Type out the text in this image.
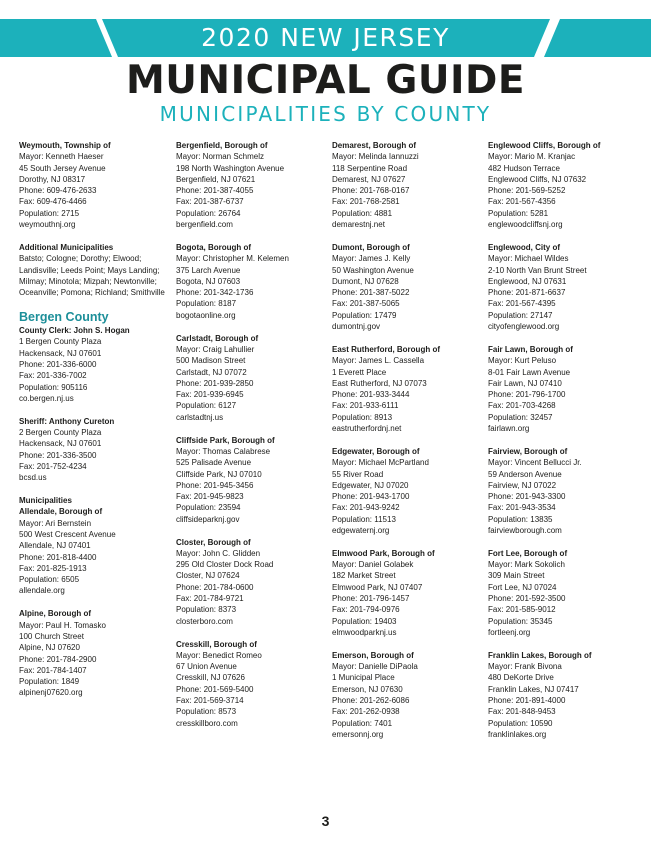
2020 NEW JERSEY
MUNICIPAL GUIDE
MUNICIPALITIES BY COUNTY
Weymouth, Township of
Mayor: Kenneth Haeser
45 South Jersey Avenue
Dorothy, NJ 08317
Phone: 609-476-2633
Fax: 609-476-4466
Population: 2715
weymouthnj.org
Additional Municipalities
Batsto; Cologne; Dorothy; Elwood; Landisville; Leeds Point; Mays Landing; Milmay; Minotola; Mizpah; Newtonville; Oceanville; Pomona; Richland; Smithville
Bergen County
County Clerk: John S. Hogan
1 Bergen County Plaza
Hackensack, NJ 07601
Phone: 201-336-6000
Fax: 201-336-7002
Population: 905116
co.bergen.nj.us
Sheriff: Anthony Cureton
2 Bergen County Plaza
Hackensack, NJ 07601
Phone: 201-336-3500
Fax: 201-752-4234
bcsd.us
Municipalities
Allendale, Borough of
Mayor: Ari Bernstein
500 West Crescent Avenue
Allendale, NJ 07401
Phone: 201-818-4400
Fax: 201-825-1913
Population: 6505
allendale.org
Alpine, Borough of
Mayor: Paul H. Tomasko
100 Church Street
Alpine, NJ 07620
Phone: 201-784-2900
Fax: 201-784-1407
Population: 1849
alpinenj07620.org
Bergenfield, Borough of
Mayor: Norman Schmelz
198 North Washington Avenue
Bergenfield, NJ 07621
Phone: 201-387-4055
Fax: 201-387-6737
Population: 26764
bergenfield.com
Bogota, Borough of
Mayor: Christopher M. Kelemen
375 Larch Avenue
Bogota, NJ 07603
Phone: 201-342-1736
Population: 8187
bogotaonline.org
Carlstadt, Borough of
Mayor: Craig Lahullier
500 Madison Street
Carlstadt, NJ 07072
Phone: 201-939-2850
Fax: 201-939-6945
Population: 6127
carlstadtnj.us
Cliffside Park, Borough of
Mayor: Thomas Calabrese
525 Palisade Avenue
Cliffside Park, NJ 07010
Phone: 201-945-3456
Fax: 201-945-9823
Population: 23594
cliffsideparknj.gov
Closter, Borough of
Mayor: John C. Glidden
295 Old Closter Dock Road
Closter, NJ 07624
Phone: 201-784-0600
Fax: 201-784-9721
Population: 8373
closterboro.com
Cresskill, Borough of
Mayor: Benedict Romeo
67 Union Avenue
Cresskill, NJ 07626
Phone: 201-569-5400
Fax: 201-569-3714
Population: 8573
cresskillboro.com
Demarest, Borough of
Mayor: Melinda Iannuzzi
118 Serpentine Road
Demarest, NJ 07627
Phone: 201-768-0167
Fax: 201-768-2581
Population: 4881
demarestnj.net
Dumont, Borough of
Mayor: James J. Kelly
50 Washington Avenue
Dumont, NJ 07628
Phone: 201-387-5022
Fax: 201-387-5065
Population: 17479
dumontnj.gov
East Rutherford, Borough of
Mayor: James L. Cassella
1 Everett Place
East Rutherford, NJ 07073
Phone: 201-933-3444
Fax: 201-933-6111
Population: 8913
eastrutherfordnj.net
Edgewater, Borough of
Mayor: Michael McPartland
55 River Road
Edgewater, NJ 07020
Phone: 201-943-1700
Fax: 201-943-9242
Population: 11513
edgewaternj.org
Elmwood Park, Borough of
Mayor: Daniel Golabek
182 Market Street
Elmwood Park, NJ 07407
Phone: 201-796-1457
Fax: 201-794-0976
Population: 19403
elmwoodparknj.us
Emerson, Borough of
Mayor: Danielle DiPaola
1 Municipal Place
Emerson, NJ 07630
Phone: 201-262-6086
Fax: 201-262-0938
Population: 7401
emersonnj.org
Englewood Cliffs, Borough of
Mayor: Mario M. Kranjac
482 Hudson Terrace
Englewood Cliffs, NJ 07632
Phone: 201-569-5252
Fax: 201-567-4356
Population: 5281
englewoodcliffsnj.org
Englewood, City of
Mayor: Michael Wildes
2-10 North Van Brunt Street
Englewood, NJ 07631
Phone: 201-871-6637
Fax: 201-567-4395
Population: 27147
cityofenglewood.org
Fair Lawn, Borough of
Mayor: Kurt Peluso
8-01 Fair Lawn Avenue
Fair Lawn, NJ 07410
Phone: 201-796-1700
Fax: 201-703-4268
Population: 32457
fairlawn.org
Fairview, Borough of
Mayor: Vincent Bellucci Jr.
59 Anderson Avenue
Fairview, NJ 07022
Phone: 201-943-3300
Fax: 201-943-3534
Population: 13835
fairviewborough.com
Fort Lee, Borough of
Mayor: Mark Sokolich
309 Main Street
Fort Lee, NJ 07024
Phone: 201-592-3500
Fax: 201-585-9012
Population: 35345
fortleenj.org
Franklin Lakes, Borough of
Mayor: Frank Bivona
480 DeKorte Drive
Franklin Lakes, NJ 07417
Phone: 201-891-4000
Fax: 201-848-9453
Population: 10590
franklinlakes.org
3
